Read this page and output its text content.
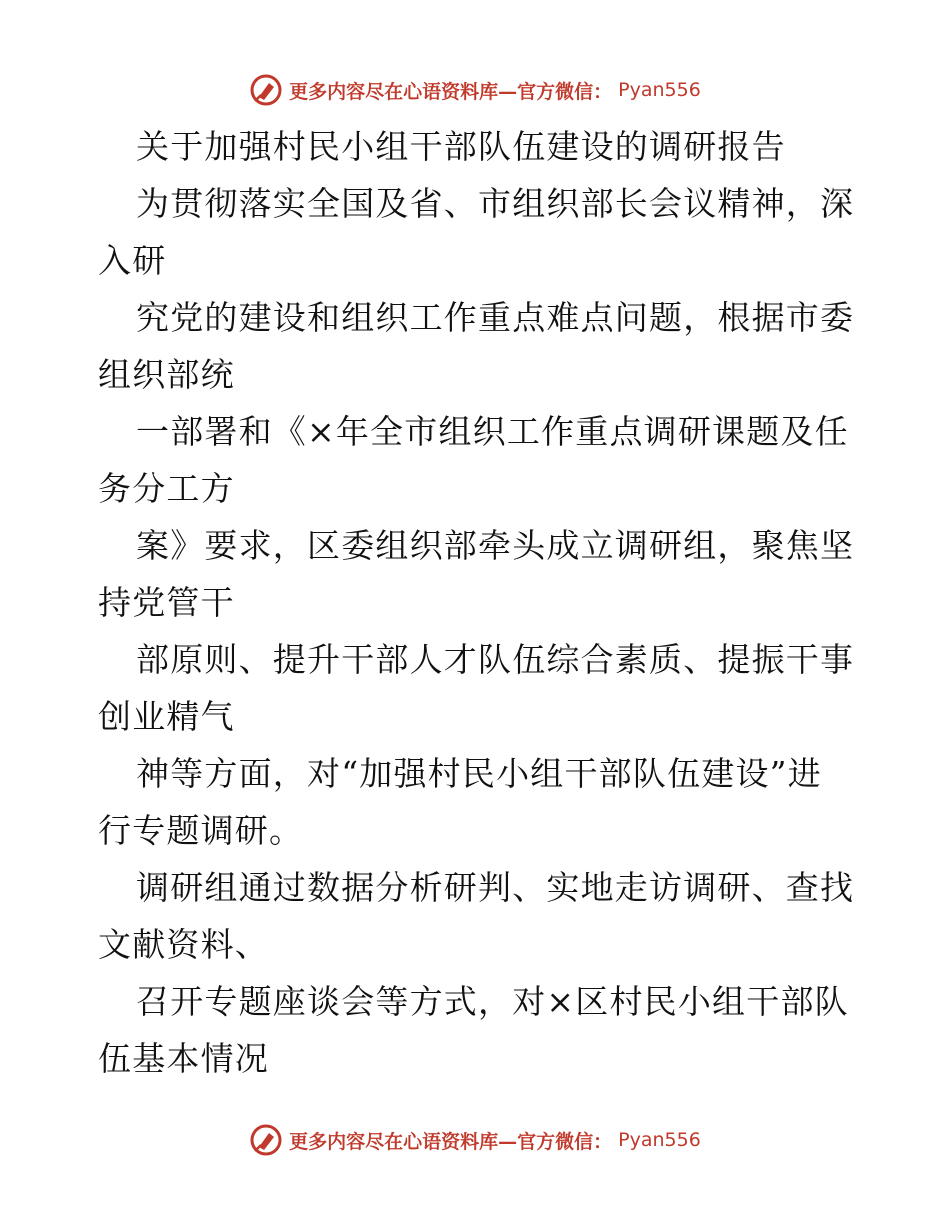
更多内容尽在心语资料库—官方微信： Pyan556
关于加强村民小组干部队伍建设的调研报告
为贯彻落实全国及省、市组织部长会议精神，深
入研
究党的建设和组织工作重点难点问题，根据市委
组织部统
一部署和《×年全市组织工作重点调研课题及任
务分工方
案》要求，区委组织部牵头成立调研组，聚焦坚
持党管干
部原则、提升干部人才队伍综合素质、提振干事
创业精气
神等方面，对“加强村民小组干部队伍建设”进
行专题调研。
调研组通过数据分析研判、实地走访调研、查找
文献资料、
召开专题座谈会等方式，对×区村民小组干部队
伍基本情况
更多内容尽在心语资料库—官方微信： Pyan556
